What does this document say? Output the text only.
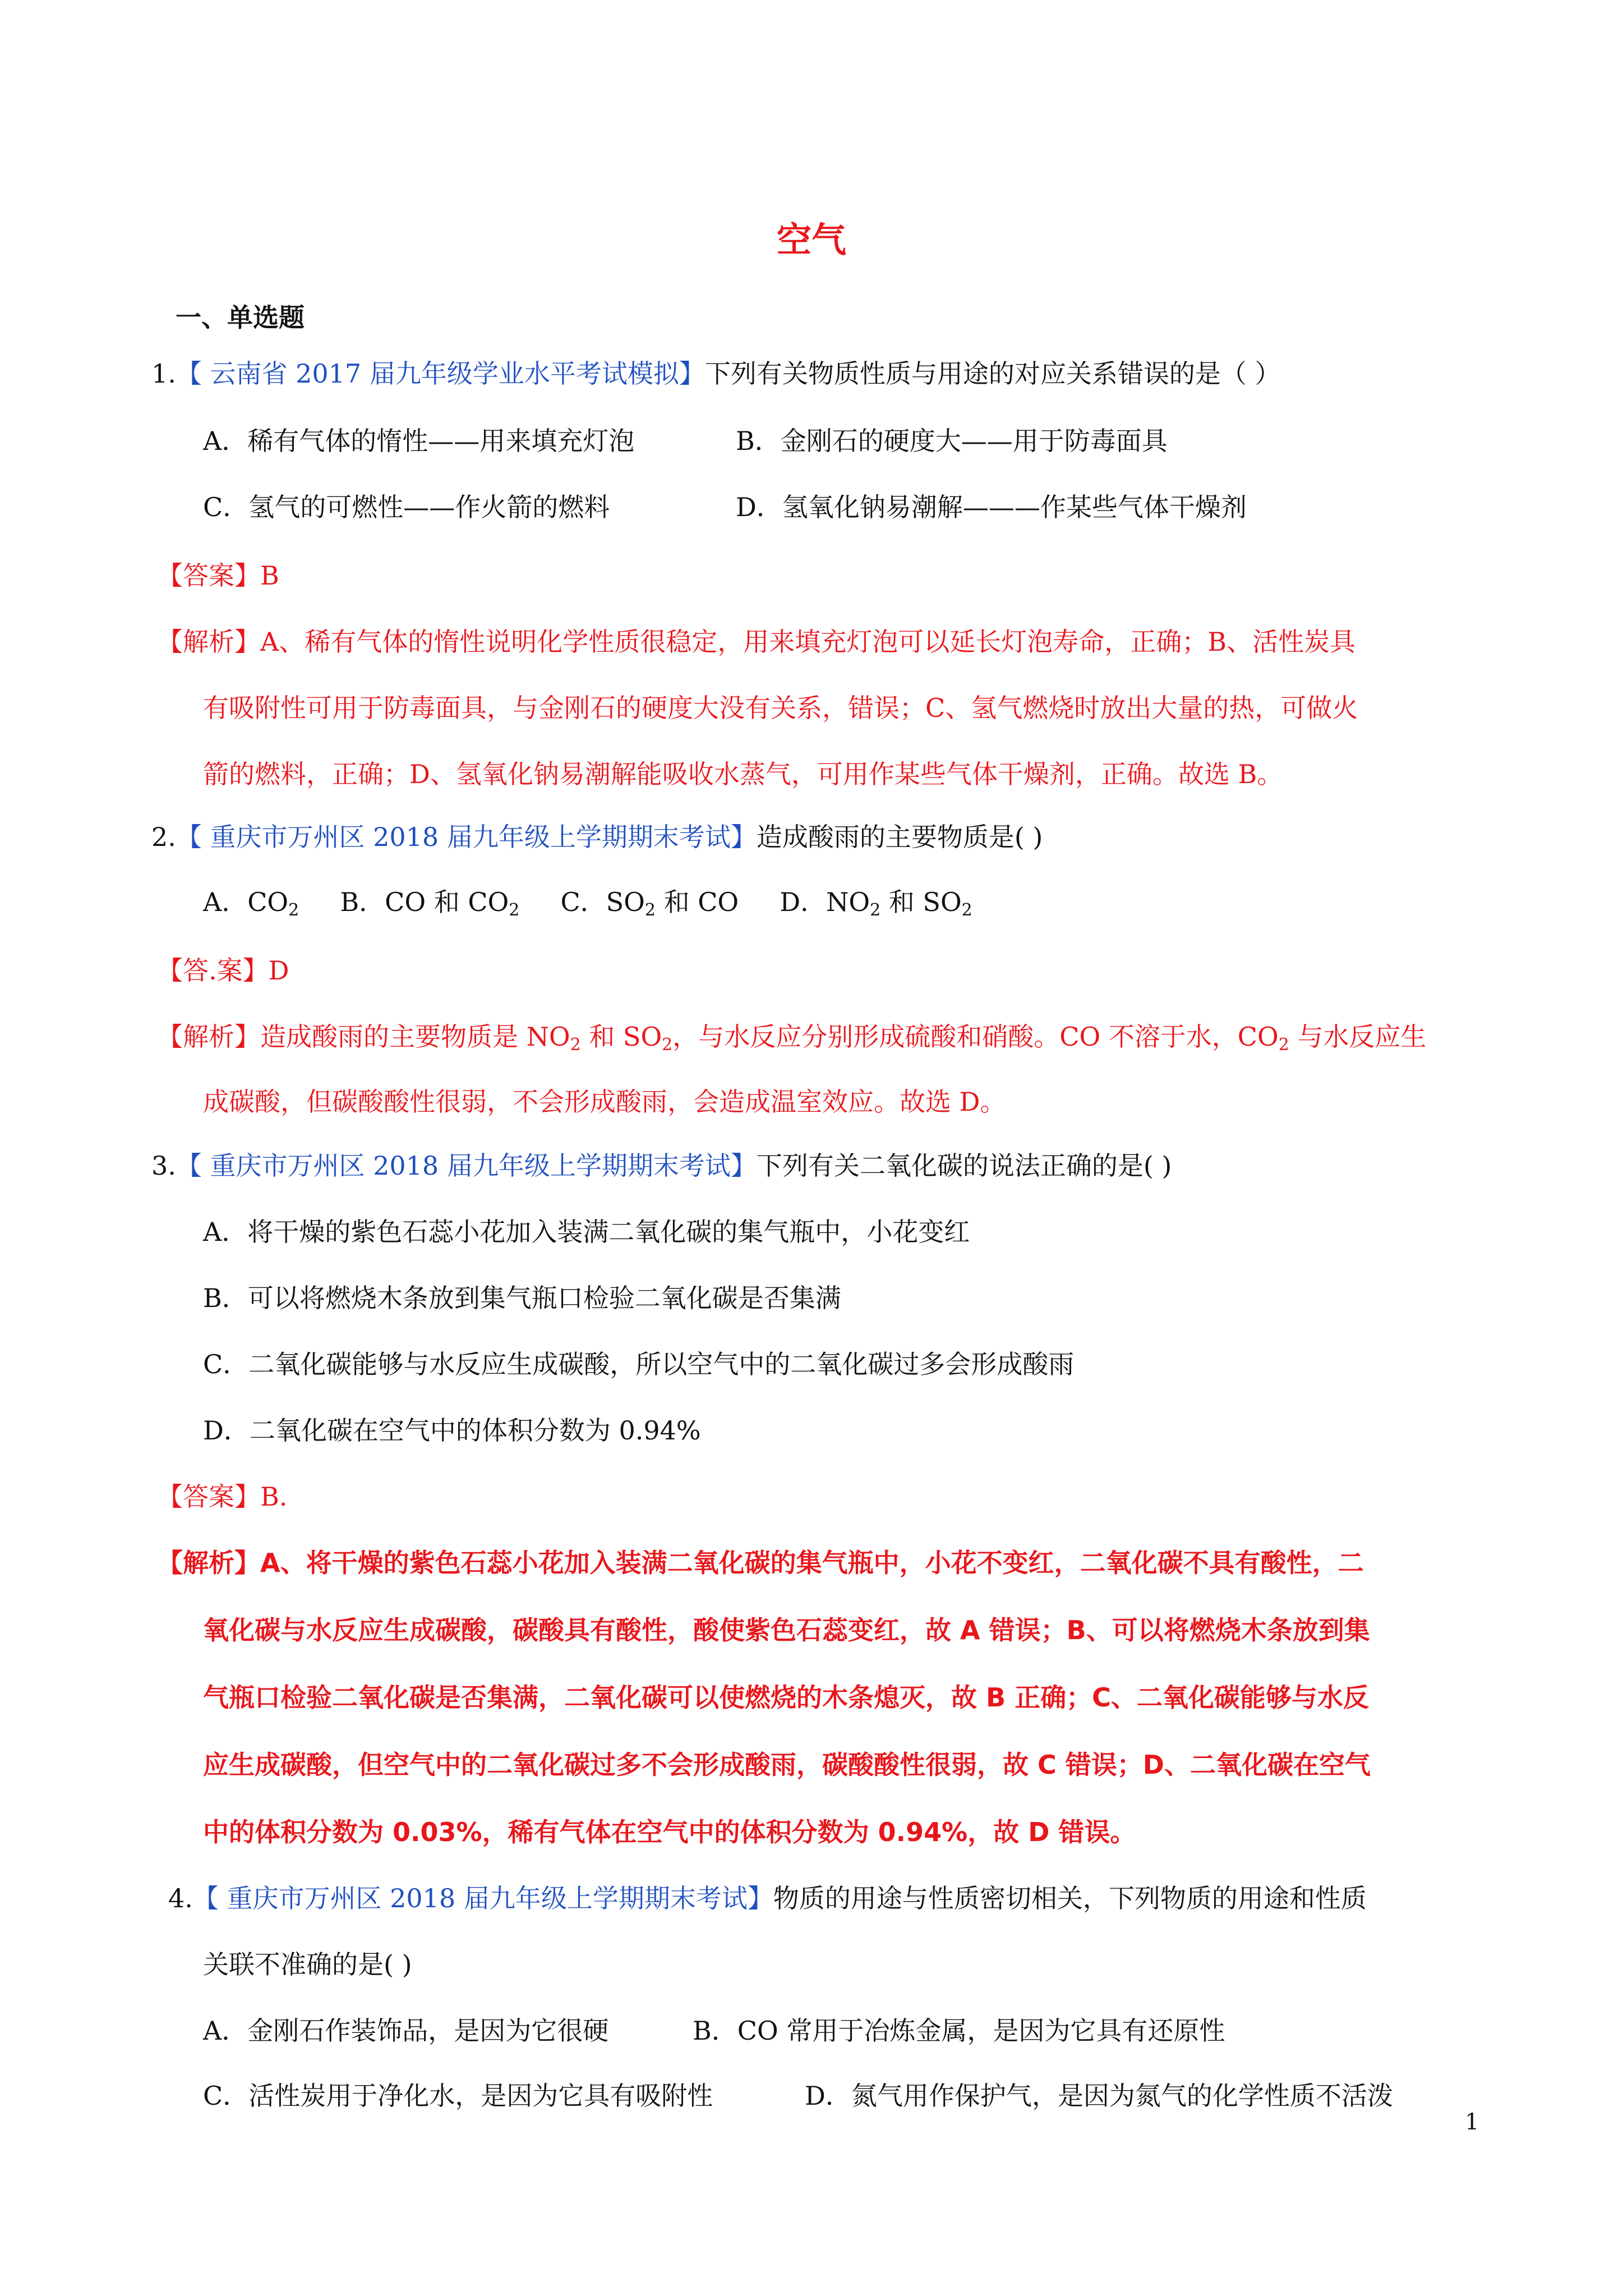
空气
一、单选题
1.【 云南省 2017 届九年级学业水平考试模拟】下列有关物质性质与用途的对应关系错误的是（ ）
A．稀有气体的惰性——用来填充灯泡	B．金刚石的硬度大——用于防毒面具
C．氢气的可燃性——作火箭的燃料	D．氢氧化钠易潮解———作某些气体干燥剂
【答案】B
【解析】A、稀有气体的惰性说明化学性质很稳定，用来填充灯泡可以延长灯泡寿命，正确；B、活性炭具
有吸附性可用于防毒面具，与金刚石的硬度大没有关系，错误；C、氢气燃烧时放出大量的热，可做火
箭的燃料，正确；D、氢氧化钠易潮解能吸收水蒸气，可用作某些气体干燥剂，正确。故选 B。
2.【 重庆市万州区 2018 届九年级上学期期末考试】造成酸雨的主要物质是( )
A．$CO_2$ B．CO 和 $CO_2$ C．$SO_2$ 和 CO D．$NO_2$ 和 $SO_2$
【答.案】D
【解析】造成酸雨的主要物质是 $NO_2$ 和 $SO_2$，与水反应分别形成硫酸和硝酸。CO 不溶于水，$CO_2$ 与水反应生
成碳酸，但碳酸酸性很弱，不会形成酸雨，会造成温室效应。故选 D。
3.【 重庆市万州区 2018 届九年级上学期期末考试】下列有关二氧化碳的说法正确的是( )
A．将干燥的紫色石蕊小花加入装满二氧化碳的集气瓶中，小花变红
B．可以将燃烧木条放到集气瓶口检验二氧化碳是否集满
C．二氧化碳能够与水反应生成碳酸，所以空气中的二氧化碳过多会形成酸雨
D．二氧化碳在空气中的体积分数为 0.94%
【答案】B.
【解析】A、将干燥的紫色石蕊小花加入装满二氧化碳的集气瓶中，小花不变红，二氧化碳不具有酸性，二
氧化碳与水反应生成碳酸，碳酸具有酸性，酸使紫色石蕊变红，故 A 错误；B、可以将燃烧木条放到集
气瓶口检验二氧化碳是否集满，二氧化碳可以使燃烧的木条熄灭，故 B 正确；C、二氧化碳能够与水反
应生成碳酸，但空气中的二氧化碳过多不会形成酸雨，碳酸酸性很弱，故 C 错误；D、二氧化碳在空气
中的体积分数为 0.03%，稀有气体在空气中的体积分数为 0.94%，故 D 错误。
4.【 重庆市万州区 2018 届九年级上学期期末考试】物质的用途与性质密切相关，下列物质的用途和性质
关联不准确的是( )
A．金刚石作装饰品，是因为它很硬	B．CO 常用于冶炼金属，是因为它具有还原性
C．活性炭用于净化水，是因为它具有吸附性	D．氮气用作保护气，是因为氮气的化学性质不活泼
1
